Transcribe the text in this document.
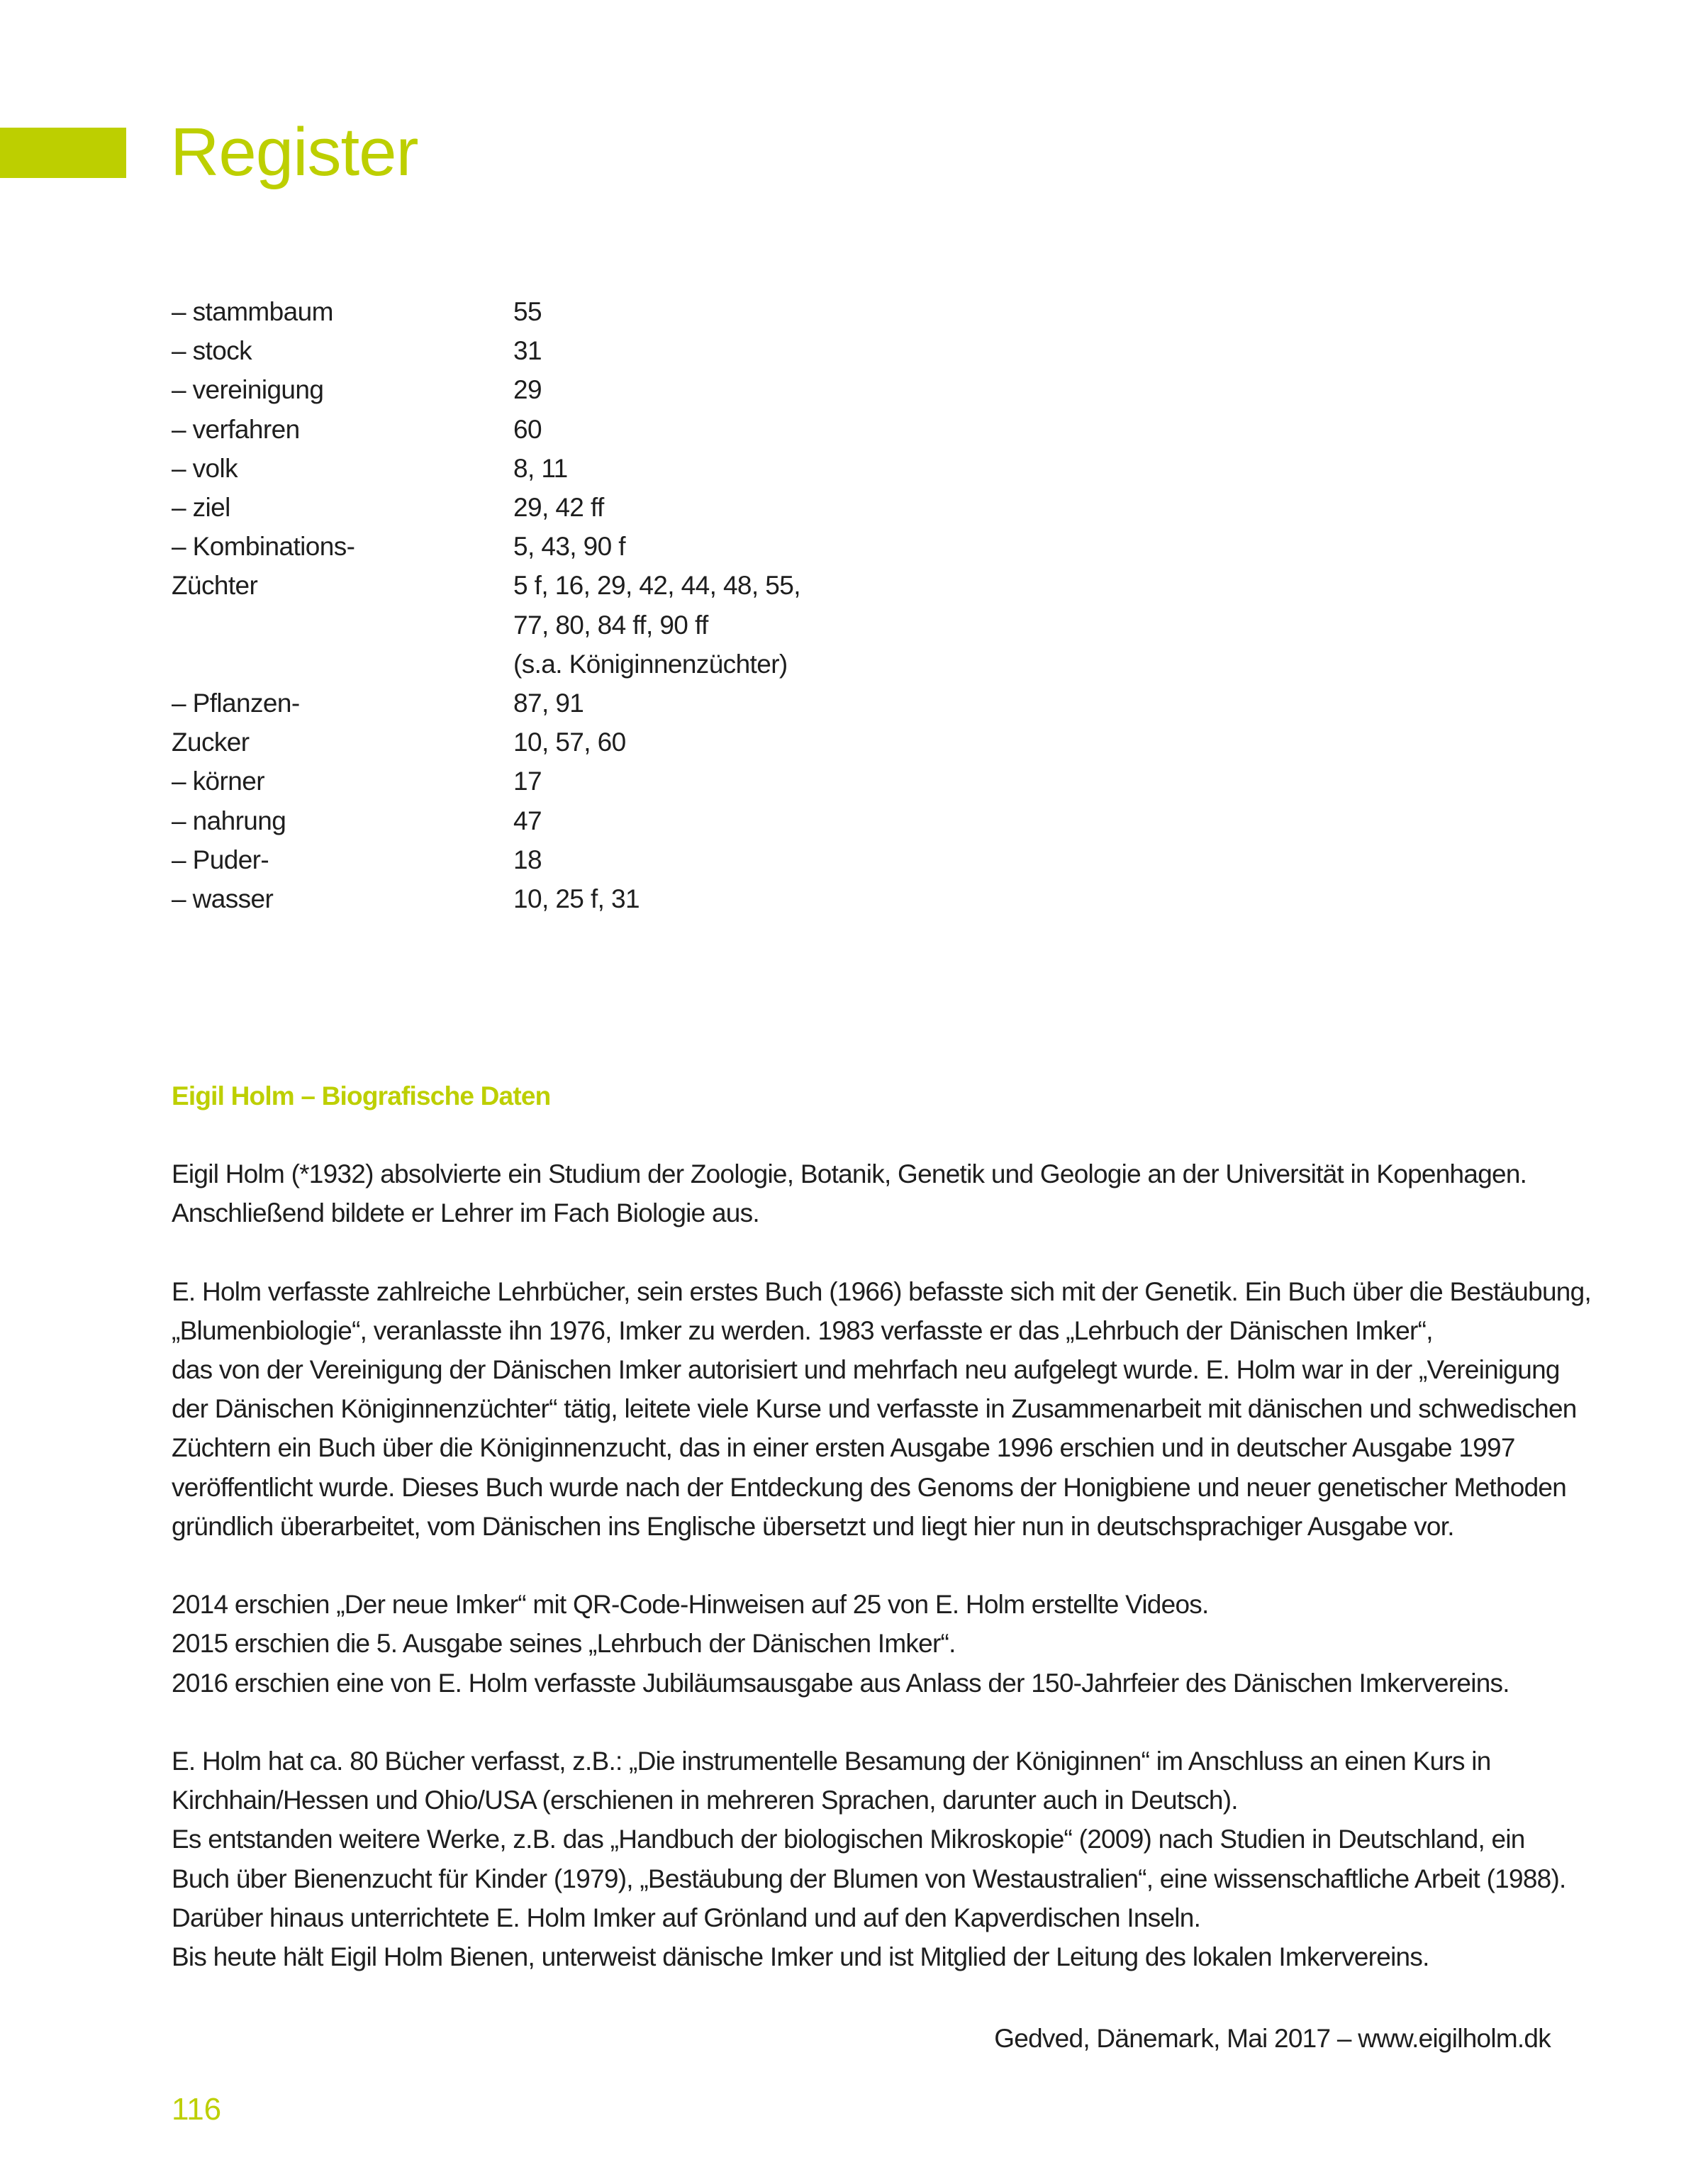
Register
– stammbaum	55
– stock	31
– vereinigung	29
– verfahren	60
– volk	8, 11
– ziel	29, 42 ff
– Kombinations-	5, 43, 90 f
Züchter	5 f, 16, 29, 42, 44, 48, 55,
77, 80, 84 ff, 90 ff
(s.a. Königinnenzüchter)
– Pflanzen-	87, 91
Zucker	10, 57, 60
– körner	17
– nahrung	47
– Puder-	18
– wasser	10, 25 f, 31
Eigil Holm – Biografische Daten

Eigil Holm (*1932) absolvierte ein Studium der Zoologie, Botanik, Genetik und Geologie an der Universität in Kopenhagen.
Anschließend bildete er Lehrer im Fach Biologie aus.

E. Holm verfasste zahlreiche Lehrbücher, sein erstes Buch (1966) befasste sich mit der Genetik. Ein Buch über die Bestäubung,
„Blumenbiologie“, veranlasste ihn 1976, Imker zu werden. 1983 verfasste er das „Lehrbuch der Dänischen Imker“,
das von der Vereinigung der Dänischen Imker autorisiert und mehrfach neu aufgelegt wurde. E. Holm war in der „Vereinigung
der Dänischen Königinnenzüchter“ tätig, leitete viele Kurse und verfasste in Zusammenarbeit mit dänischen und schwedischen
Züchtern ein Buch über die Königinnenzucht, das in einer ersten Ausgabe 1996 erschien und in deutscher Ausgabe 1997
veröffentlicht wurde. Dieses Buch wurde nach der Entdeckung des Genoms der Honigbiene und neuer genetischer Methoden
gründlich überarbeitet, vom Dänischen ins Englische übersetzt und liegt hier nun in deutschsprachiger Ausgabe vor.

2014 erschien „Der neue Imker“ mit QR-Code-Hinweisen auf 25 von E. Holm erstellte Videos.
2015 erschien die 5. Ausgabe seines „Lehrbuch der Dänischen Imker“.
2016 erschien eine von E. Holm verfasste Jubiläumsausgabe aus Anlass der 150-Jahrfeier des Dänischen Imkervereins.

E. Holm hat ca. 80 Bücher verfasst, z.B.: „Die instrumentelle Besamung der Königinnen“ im Anschluss an einen Kurs in
Kirchhain/Hessen und Ohio/USA (erschienen in mehreren Sprachen, darunter auch in Deutsch).
Es entstanden weitere Werke, z.B. das „Handbuch der biologischen Mikroskopie“ (2009) nach Studien in Deutschland, ein
Buch über Bienenzucht für Kinder (1979), „Bestäubung der Blumen von Westaustralien“, eine wissenschaftliche Arbeit (1988).
Darüber hinaus unterrichtete E. Holm Imker auf Grönland und auf den Kapverdischen Inseln.
Bis heute hält Eigil Holm Bienen, unterweist dänische Imker und ist Mitglied der Leitung des lokalen Imkervereins.

Gedved, Dänemark, Mai 2017 – www.eigilholm.dk
116
